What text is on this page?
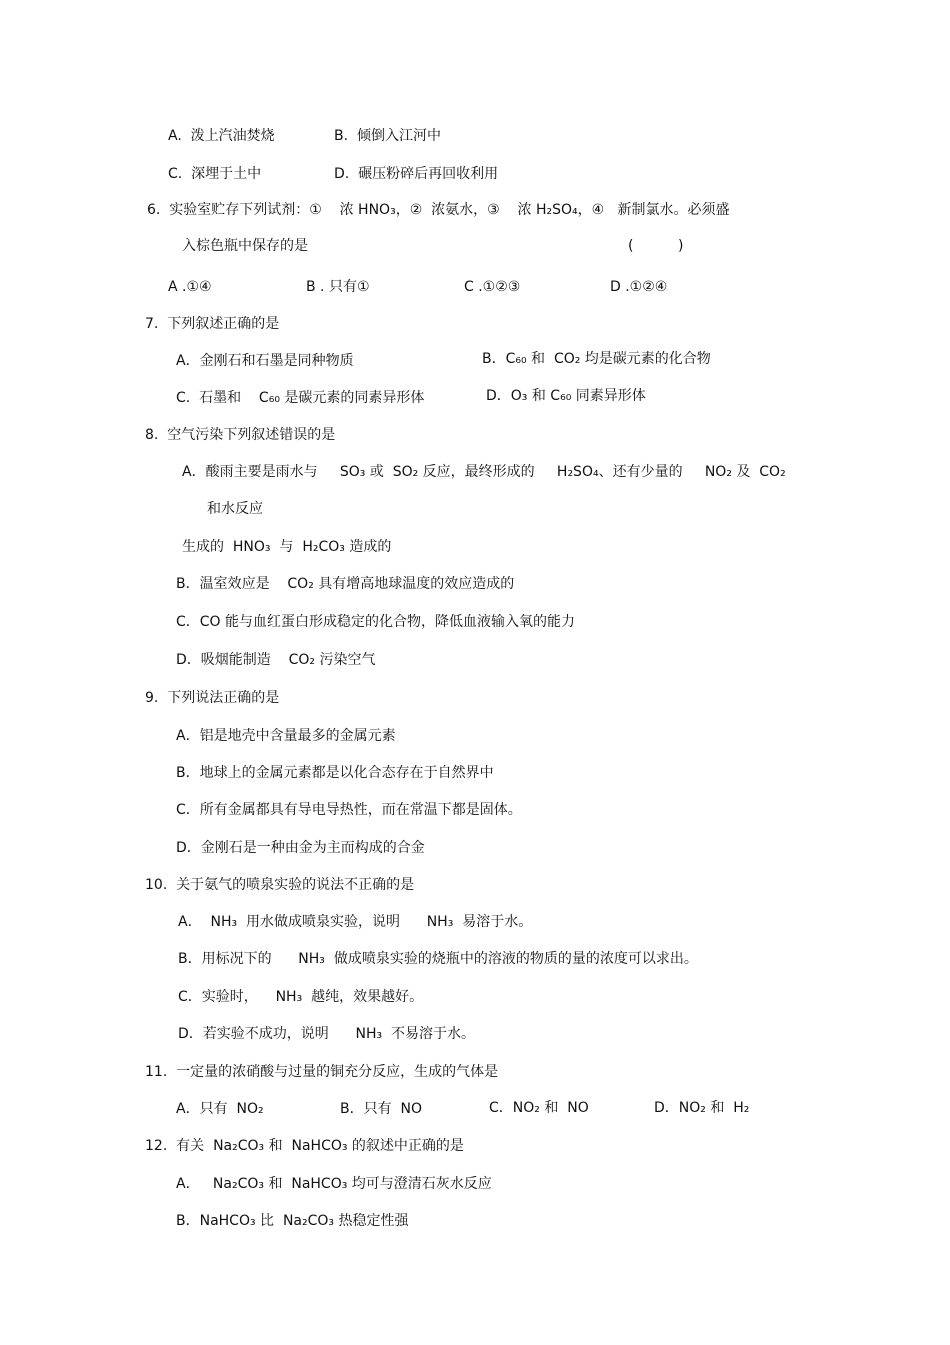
A.  泼上汽油焚烧	B.  倾倒入江河中
C.  深埋于土中	D.  碾压粉碎后再回收利用
6.  实验室贮存下列试剂：①    浓 HNO₃，②  浓氨水，③    浓 H₂SO₄，④   新制氯水。必须盛
入棕色瓶中保存的是	(          )
A .①④	B . 只有①	C .①②③	D .①②④
7.  下列叙述正确的是
A．金刚石和石墨是同种物质	B．C₆₀ 和  CO₂ 均是碳元素的化合物
C.  石墨和    C₆₀ 是碳元素的同素异形体	D．O₃ 和 C₆₀ 同素异形体
8.  空气污染下列叙述错误的是
A．酸雨主要是雨水与     SO₃ 或  SO₂ 反应，最终形成的     H₂SO₄、还有少量的     NO₂ 及  CO₂
和水反应
生成的  HNO₃  与  H₂CO₃ 造成的
B．温室效应是    CO₂ 具有增高地球温度的效应造成的
C．CO 能与血红蛋白形成稳定的化合物，降低血液输入氧的能力
D．吸烟能制造    CO₂ 污染空气
9.  下列说法正确的是
A．铝是地壳中含量最多的金属元素
B．地球上的金属元素都是以化合态存在于自然界中
C．所有金属都具有导电导热性，而在常温下都是固体。
D．金刚石是一种由金为主而构成的合金
10.  关于氨气的喷泉实验的说法不正确的是
A．  NH₃  用水做成喷泉实验，说明      NH₃  易溶于水。
B．用标况下的      NH₃  做成喷泉实验的烧瓶中的溶液的物质的量的浓度可以求出。
C．实验时，    NH₃  越纯，效果越好。
D．若实验不成功，说明      NH₃  不易溶于水。
11.  一定量的浓硝酸与过量的铜充分反应，生成的气体是
A．只有  NO₂	B．只有  NO	C．NO₂ 和  NO	D．NO₂ 和  H₂
12.  有关  Na₂CO₃ 和  NaHCO₃ 的叙述中正确的是
A．   Na₂CO₃ 和  NaHCO₃ 均可与澄清石灰水反应
B．NaHCO₃ 比  Na₂CO₃ 热稳定性强
